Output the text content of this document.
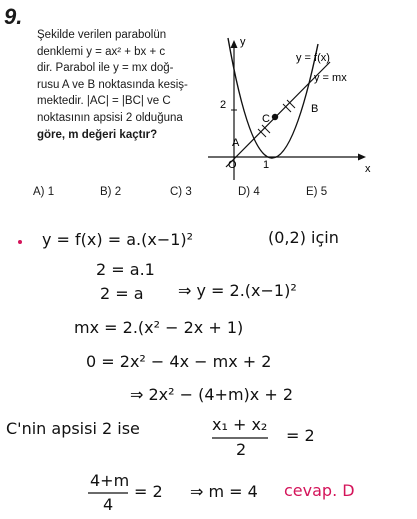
9.
Şekilde verilen parabolün
denklemi y = ax² + bx + c
dir. Parabol ile y = mx doğ-
rusu A ve B noktasında kesiş-
mektedir. |AC| = |BC| ve C
noktasının apsisi 2 olduğuna
göre, m değeri kaçtır?
A) 1	B) 2	C) 3	D) 4	E) 5
y
x
y = f(x)
y = mx
A
C
B
O
2
1
y = f(x) = a.(x−1)²	(0,2) için
2 = a.1
2 = a ⇒ y = 2.(x−1)²
mx = 2.(x² − 2x + 1)
0 = 2x² − 4x − mx + 2
⇒ 2x² − (4+m)x + 2
C'nin apsisi 2 ise	x₁ + x₂
2
= 2
4+m
4
= 2 ⇒ m = 4 cevap. D
